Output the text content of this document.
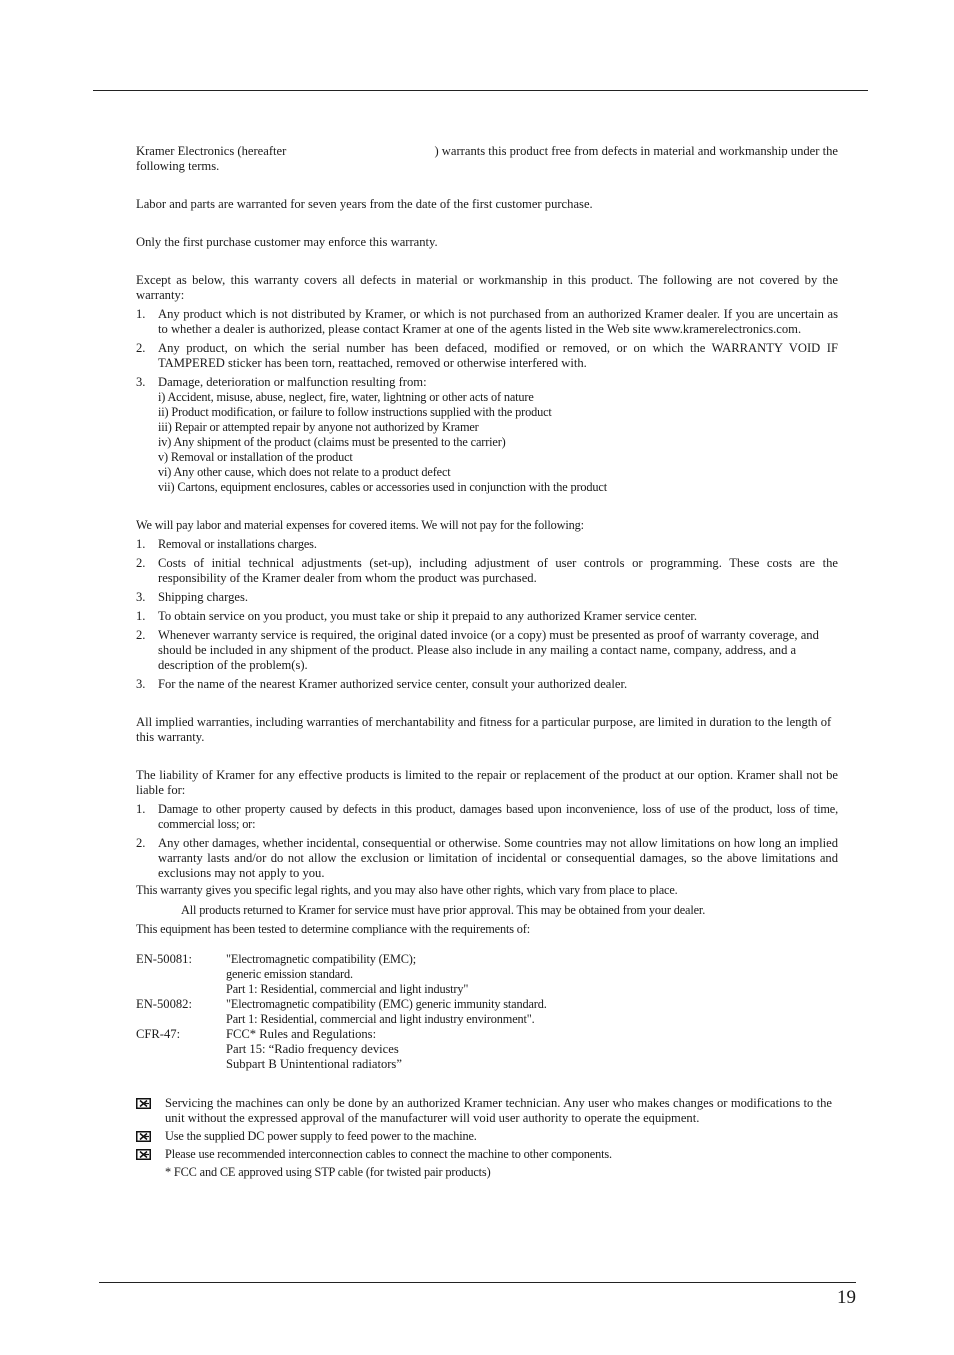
Kramer Electronics (hereafter	) warrants this product free from defects in material and workmanship under the

following terms.

Labor and parts are warranted for seven years from the date of the first customer purchase.

Only the first purchase customer may enforce this warranty.

Except as below, this warranty covers all defects in material or workmanship in this product. The following are not covered by the warranty:

1. Any product which is not distributed by Kramer, or which is not purchased from an authorized Kramer dealer. If you are uncertain as to whether a dealer is authorized, please contact Kramer at one of the agents listed in the Web site www.kramerelectronics.com.
2. Any product, on which the serial number has been defaced, modified or removed, or on which the WARRANTY VOID IF TAMPERED sticker has been torn, reattached, removed or otherwise interfered with.
3. Damage, deterioration or malfunction resulting from:
i) Accident, misuse, abuse, neglect, fire, water, lightning or other acts of nature
ii) Product modification, or failure to follow instructions supplied with the product
iii) Repair or attempted repair by anyone not authorized by Kramer
iv) Any shipment of the product (claims must be presented to the carrier)
v) Removal or installation of the product
vi) Any other cause, which does not relate to a product defect
vii) Cartons, equipment enclosures, cables or accessories used in conjunction with the product

We will pay labor and material expenses for covered items. We will not pay for the following:

1.	Removal or installations charges.
2. Costs of initial technical adjustments (set-up), including adjustment of user controls or programming. These costs are the responsibility of the Kramer dealer from whom the product was purchased.
3. Shipping charges.
1. To obtain service on you product, you must take or ship it prepaid to any authorized Kramer service center.
2. Whenever warranty service is required, the original dated invoice (or a copy) must be presented as proof of warranty coverage, and should be included in any shipment of the product. Please also include in any mailing a contact name, company, address, and a description of the problem(s).
3. For the name of the nearest Kramer authorized service center, consult your authorized dealer.

All implied warranties, including warranties of merchantability and fitness for a particular purpose, are limited in duration to the length of this warranty.

The liability of Kramer for any effective products is limited to the repair or replacement of the product at our option. Kramer shall not be liable for:

1.	Damage to other property caused by defects in this product, damages based upon inconvenience, loss of use of the product, loss of time, commercial loss; or:
2. Any other damages, whether incidental, consequential or otherwise. Some countries may not allow limitations on how long an implied warranty lasts and/or do not allow the exclusion or limitation of incidental or consequential damages, so the above limitations and exclusions may not apply to you.

This warranty gives you specific legal rights, and you may also have other rights, which vary from place to place.

All products returned to Kramer for service must have prior approval. This may be obtained from your dealer.

This equipment has been tested to determine compliance with the requirements of:

EN-50081:	"Electromagnetic compatibility (EMC);
generic emission standard.
Part 1: Residential, commercial and light industry"
EN-50082:	"Electromagnetic compatibility (EMC) generic immunity standard.
Part 1: Residential, commercial and light industry environment".
CFR-47:	FCC* Rules and Regulations:
Part 15: “Radio frequency devices
Subpart B Unintentional radiators”
Servicing the machines can only be done by an authorized Kramer technician. Any user who makes changes or modifications to the unit without the expressed approval of the manufacturer will void user authority to operate the equipment.
Use the supplied DC power supply to feed power to the machine.
Please use recommended interconnection cables to connect the machine to other components.

* FCC and CE approved using STP cable (for twisted pair products)

19
